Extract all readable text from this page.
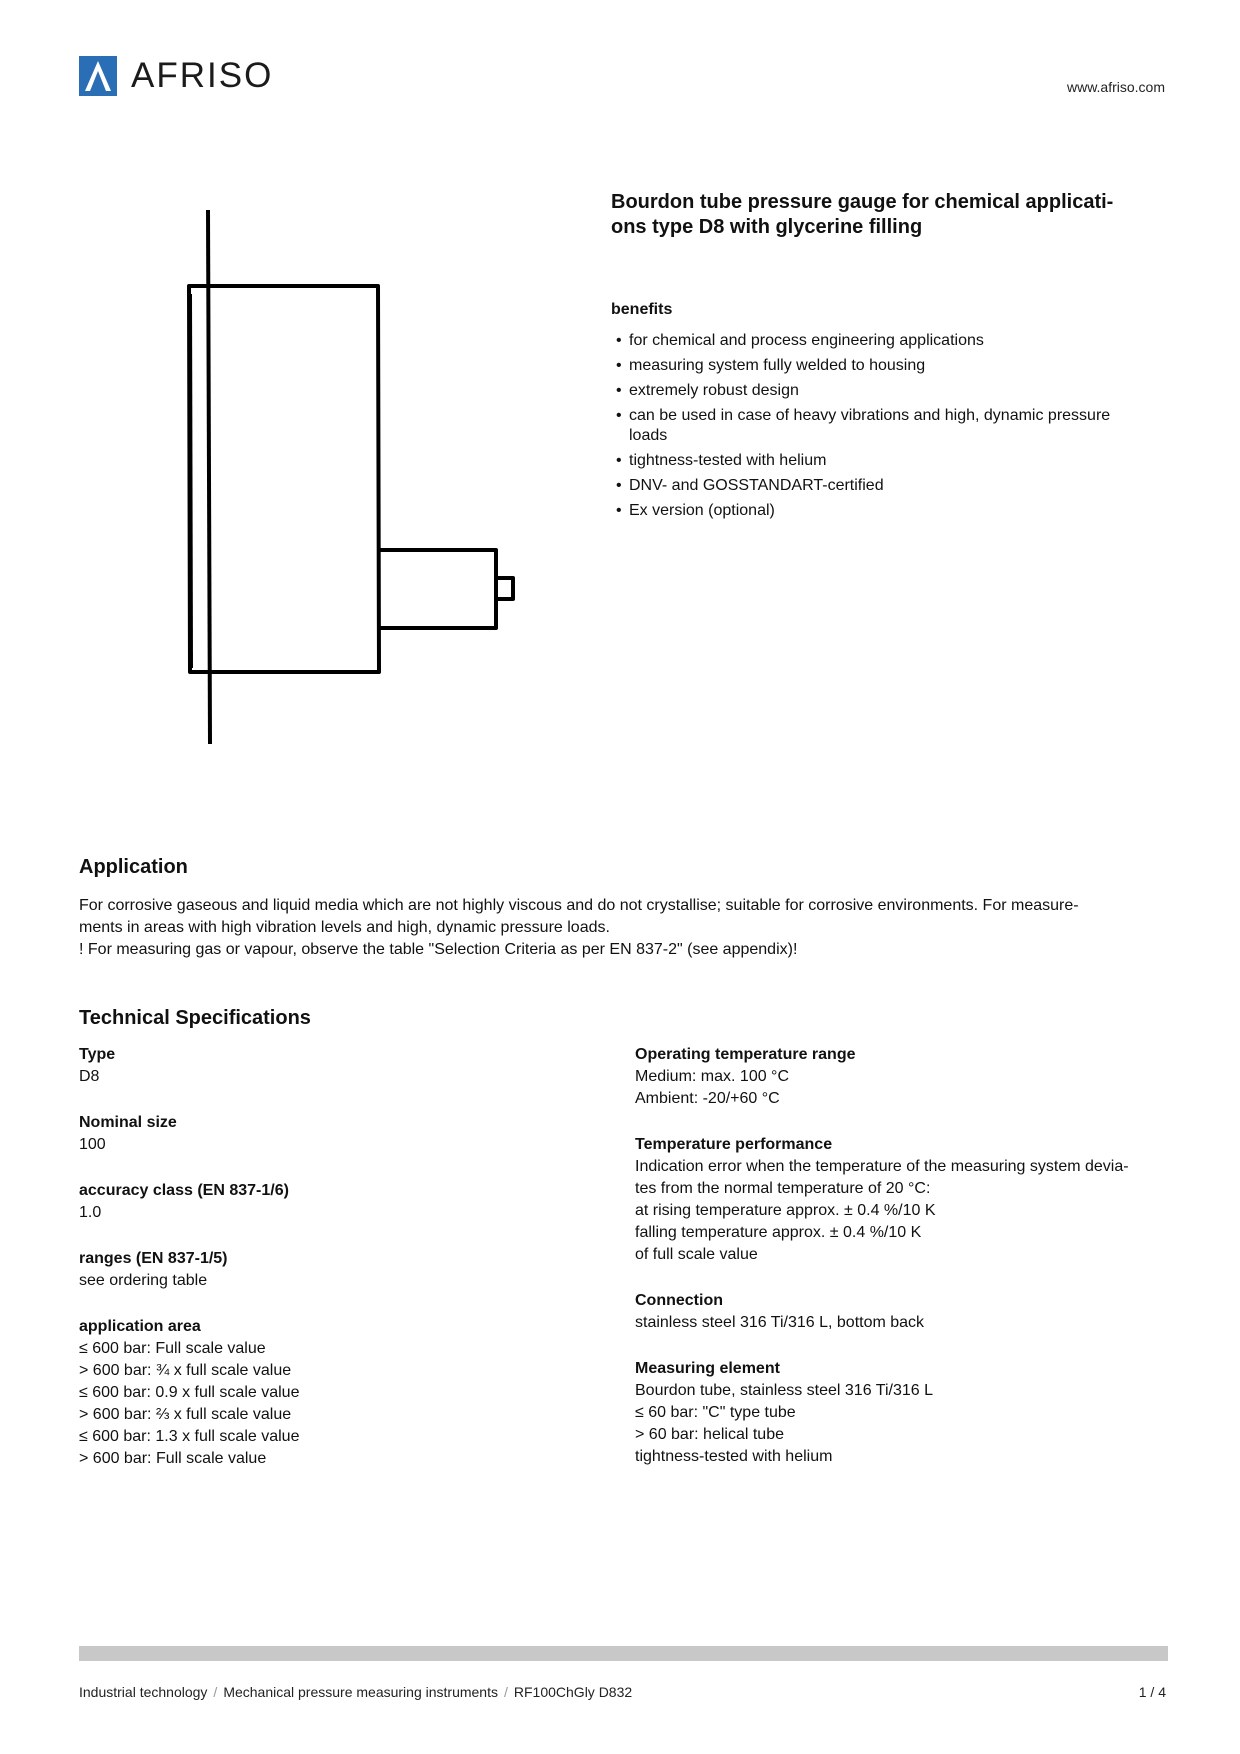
AFRISO	www.afriso.com
Bourdon tube pressure gauge for chemical applicati-
ons type D8 with glycerine filling
benefits
• for chemical and process engineering applications
• measuring system fully welded to housing
• extremely robust design
• can be used in case of heavy vibrations and high, dynamic pressure loads
• tightness-tested with helium
• DNV- and GOSSTANDART-certified
• Ex version (optional)
Application

For corrosive gaseous and liquid media which are not highly viscous and do not crystallise; suitable for corrosive environments. For measure-

ments in areas with high vibration levels and high, dynamic pressure loads.

! For measuring gas or vapour, observe the table "Selection Criteria as per EN 837-2" (see appendix)!

Technical Specifications
Type
D8
Nominal size
100
accuracy class (EN 837-1/6)
1.0
ranges (EN 837-1/5)
see ordering table
application area
≤ 600 bar: Full scale value
> 600 bar: ¾ x full scale value
≤ 600 bar: 0.9 x full scale value
> 600 bar: ⅔ x full scale value
≤ 600 bar: 1.3 x full scale value
> 600 bar: Full scale value
Operating temperature range
Medium: max. 100 °C
Ambient: -20/+60 °C
Temperature performance
Indication error when the temperature of the measuring system devia-
tes from the normal temperature of 20 °C:
at rising temperature approx. ± 0.4 %/10 K
falling temperature approx. ± 0.4 %/10 K
of full scale value
Connection
stainless steel 316 Ti/316 L, bottom back
Measuring element
Bourdon tube, stainless steel 316 Ti/316 L
≤ 60 bar: "C" type tube
> 60 bar: helical tube
tightness-tested with helium
Industrial technology / Mechanical pressure measuring instruments / RF100ChGly D832	1 / 4
